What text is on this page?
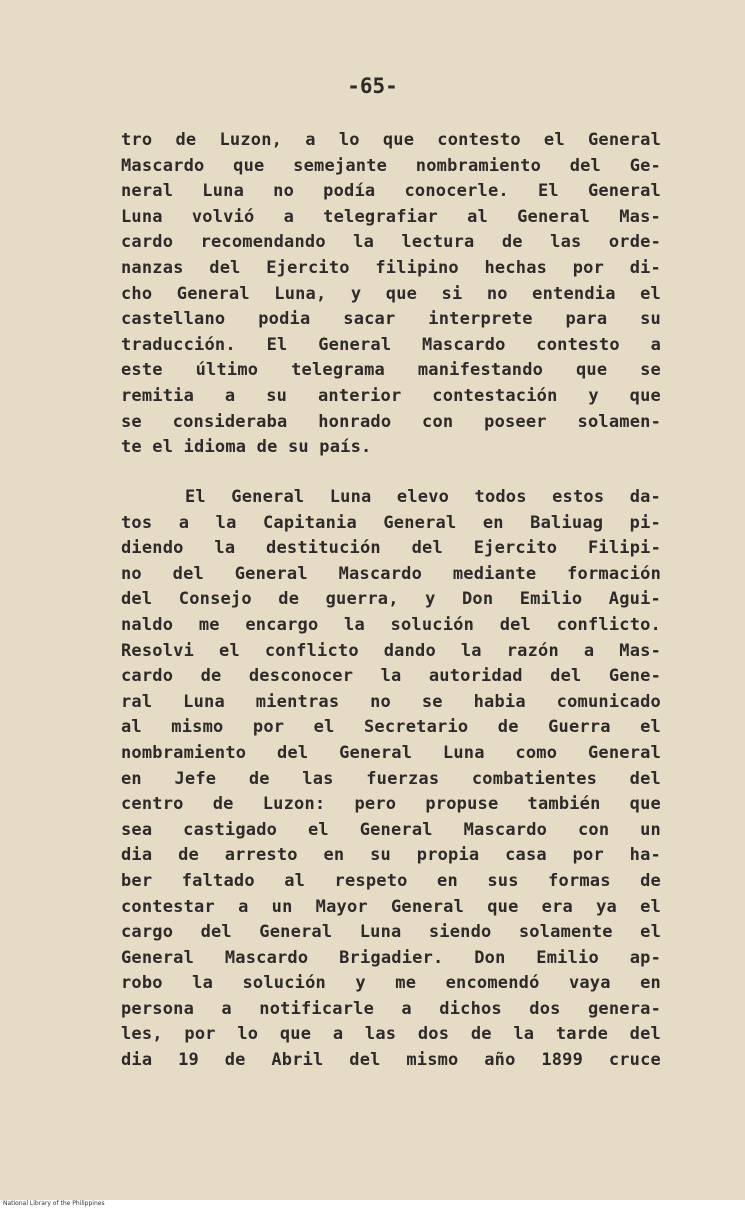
-65-

tro de Luzon, a lo que contesto el General
Mascardo que semejante nombramiento del Ge-
neral Luna no podía conocerle. El General
Luna volvió a telegrafiar al General Mas-
cardo recomendando la lectura de las orde-
nanzas del Ejercito filipino hechas por di-
cho General Luna, y que si no entendia el
castellano podia sacar interprete para su
traducción. El General Mascardo contesto a
este último telegrama manifestando que se
remitia a su anterior contestación y que
se consideraba honrado con poseer solamen-
te el idioma de su país.

El General Luna elevo todos estos da-
tos a la Capitania General en Baliuag pi-
diendo la destitución del Ejercito Filipi-
no del General Mascardo mediante formación
del Consejo de guerra, y Don Emilio Agui-
naldo me encargo la solución del conflicto.
Resolvi el conflicto dando la razón a Mas-
cardo de desconocer la autoridad del Gene-
ral Luna mientras no se habia comunicado
al mismo por el Secretario de Guerra el
nombramiento del General Luna como General
en Jefe de las fuerzas combatientes del
centro de Luzon: pero propuse también que
sea castigado el General Mascardo con un
dia de arresto en su propia casa por ha-
ber faltado al respeto en sus formas de
contestar a un Mayor General que era ya el
cargo del General Luna siendo solamente el
General Mascardo Brigadier. Don Emilio ap-
robo la solución y me encomendó vaya en
persona a notificarle a dichos dos genera-
les, por lo que a las dos de la tarde del
dia 19 de Abril del mismo año 1899 cruce

National Library of the Philippines
